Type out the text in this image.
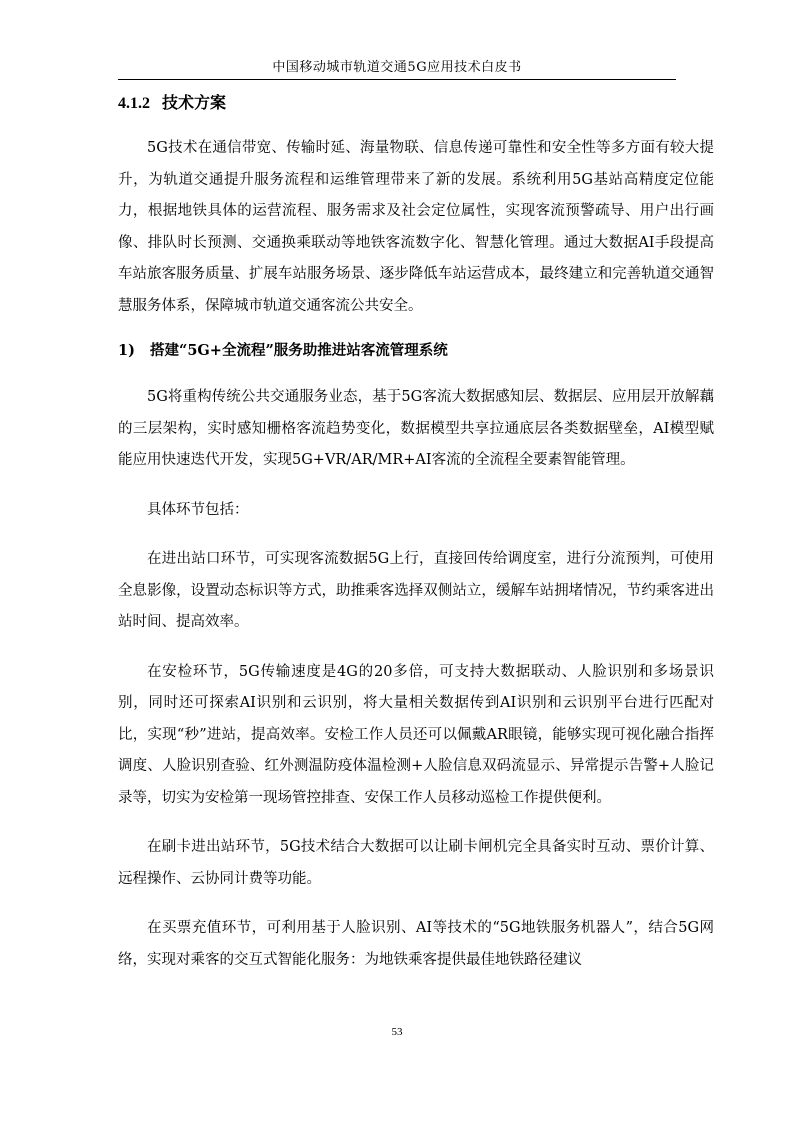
中国移动城市轨道交通5G应用技术白皮书
4.1.2 技术方案

5G技术在通信带宽、传输时延、海量物联、信息传递可靠性和安全性等多方面有较大提升，为轨道交通提升服务流程和运维管理带来了新的发展。系统利用5G基站高精度定位能力，根据地铁具体的运营流程、服务需求及社会定位属性，实现客流预警疏导、用户出行画像、排队时长预测、交通换乘联动等地铁客流数字化、智慧化管理。通过大数据AI手段提高车站旅客服务质量、扩展车站服务场景、逐步降低车站运营成本，最终建立和完善轨道交通智慧服务体系，保障城市轨道交通客流公共安全。

1) 搭建“5G+全流程”服务助推进站客流管理系统

5G将重构传统公共交通服务业态，基于5G客流大数据感知层、数据层、应用层开放解藕的三层架构，实时感知栅格客流趋势变化，数据模型共享拉通底层各类数据壁垒，AI模型赋能应用快速迭代开发，实现5G+VR/AR/MR+AI客流的全流程全要素智能管理。

具体环节包括：

在进出站口环节，可实现客流数据5G上行，直接回传给调度室，进行分流预判，可使用全息影像，设置动态标识等方式，助推乘客选择双侧站立，缓解车站拥堵情况，节约乘客进出站时间、提高效率。

在安检环节，5G传输速度是4G的20多倍，可支持大数据联动、人脸识别和多场景识别，同时还可探索AI识别和云识别，将大量相关数据传到AI识别和云识别平台进行匹配对比，实现“秒”进站，提高效率。安检工作人员还可以佩戴AR眼镜，能够实现可视化融合指挥调度、人脸识别查验、红外测温防疫体温检测+人脸信息双码流显示、异常提示告警+人脸记录等，切实为安检第一现场管控排查、安保工作人员移动巡检工作提供便利。

在刷卡进出站环节，5G技术结合大数据可以让刷卡闸机完全具备实时互动、票价计算、远程操作、云协同计费等功能。

在买票充值环节，可利用基于人脸识别、AI等技术的“5G地铁服务机器人”，结合5G网络，实现对乘客的交互式智能化服务：为地铁乘客提供最佳地铁路径建议

53
